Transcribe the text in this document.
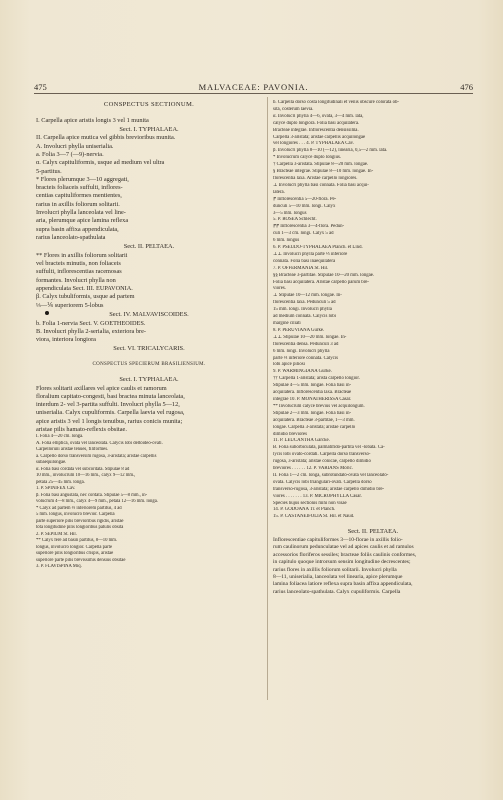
475	MALVACEAE: PAVONIA.	476

CONSPECTUS SECTIONUM.

I. Carpella apice aristis longis 3 vel 1 munita

Sect. I. TYPHALAEA.

II. Carpella apice mutica vel gibbis brevioribus munita.

A. Involucri phylla uniserialia.

a. Folia 3—7 (—9)-nervia.

α. Calyx capituliformis, usque ad medium vel ultra

5-partitus.

* Flores plerumque 3—10 aggregati,

bracteis foliaceis suffulti, inflores-

centias capituliformes mentientes,

rarius in axillis foliorum solitarii.

Involucri phylla lanceolata vel line-

aria, plerumque apice lamina reflexa

supra basin affixa appendiculata,

rarius lanceolato-spathulata

Sect. II. PELTAEA.

** Flores in axillis foliorum solitarii

vel bracteis minutis, non foliaceis

suffulti, inflorescentias racemosas

formantes. Involucri phylla non

appendiculata Sect. III. EUPAVONIA.

β. Calyx tubuliformis, usque ad partem

⅓—⅙ superiorem 5-lobus

Sect. IV. MALVAVISCOIDES.

b. Folia 1-nervia Sect. V. GOETHEOIDES.

B. Involucri phylla 2-serialia, exteriora bre-

viora, interiora longiora

Sect. VI. TRICALYCARIS.

CONSPECTUS SPECIERUM BRASILIENSIUM.

Sect. I. TYPHALAEA.

Flores solitarii axillares vel apice caulis et ramorum

floralium capitato-congesti, basi bractea minuta lanceolata,

interdum 2- vel 3-partita suffulti. Involucri phylla 5—12,

uniserialia. Calyx cupuliformis. Carpella laevia vel rugosa,

apice aristis 3 vel 1 longis tenuibus, rarius conicis munita;

aristae pilis hamato-reflexis obsitae.

I. Folia 4—20 cm. longa.

A. Folia elliptica, ovata vel lanceolata. Calycis lobi deltoideo-ovati.

Carpelloruni aristae tenues, filiformes.

a. Carpello dorso transversim rugosa, 3-aristata; aristae carpellis

subaequilongae.

α. Folia basi cordata vel subcordata. Stipulae 8 ad

10 mm., involucrum 10—16 mm., calyx 9—12 mm.,

petala 25—45 mm. longa.

1. P. SPINIFEX Cav.

β. Folia basi angustata, nec cordata. Stipulae 5—8 mm., in-

volucrum 4—8 mm., calyx 4—9 mm., petala 12—16 mm. longa.

* Calyx ad partem ⅓ inferiorem partitus, 4 ad

5 mm. longus, involucro brevior. Carpella

parte superiore pilis brevioribus rigidis, aristae

tota longitudine pilis longioribus patulis obsita

2. P. SEPIUM St. Hil.

** Calyx fere ad basin partitus, 8—10 mm.

longus, involucro longior. Carpella parte

superiore pilis longioribus crispis, aristae

superiore parte pilis brevissimis densius obsitae

3. P. FLAVISPINA Miq.

b. Carpella dorso costa longitudinali et venis obscure colorata ob-

sita, costerum laevia.

α. Involucri phylla 4—6, ovata, 3—4 mm. lata,

calyce duplo longiora. Folia basi acquilatera.

Bracteae integrae. Inflorescentia densissima.

Carpella 3-aristata; aristae carpellis acquilongae

vel longiores . . . 4. P. TYPHALAEA Cav.

β. Involucri phylla 8—10 (—12), linearia, 0,5—2 mm. lata.

* Involucrum calyce duplo longius.

† Carpella 3-aristata. Stipulae 8—20 mm. longae.

§ Bracteae integrae. Stipulae 8—10 mm. longae. In-

florescentia laxa. Aristae carpello longiores.

⊥ Involucri phylla basi connata. Folia basi acqui-

latera.

⁋ Inflorescentia 5—20-flora. Pe-

dunculi 5—10 mm. longi. Calyx

3—5 mm. longus

5. P. ROSEA Schlecht.

⁋⁋ Inflorescentia 3—4-flora. Pedun-

culi 1—3 cm. longi. Calyx 5 ad

6 mm. longus

6. P. PSEUDO-TYPHALAEA Planch. et Lind.

⊥⊥ Involucri phylla parte ⅓ inferiore

connata. Folia basi inaequilatera

7. P. OFFERMANIA St. Hil.

§§ Bracteae 3-partitae. Stipulae 10—20 mm. longae.

Folia basi acquilatera. Aristae carpello parum bre-

viores.

⊥ Stipulae 10—12 mm. longae. In-

florescentia laxa. Pedunculi 5 ad

15 mm. longi. Involucri phylla

ad medium connata. Calycis lobi

margine ciliati

8. P. PERUVIANA Gürke.

⊥⊥ Stipulae 10—20 mm. longae. In-

florescentia densa. Pedunculi 3 ad

6 mm. longi. Involucri phylla

parte ⅓ inferiore connata. Calycis

lobi apice piliosi

9. P. WARMINGIANA Gürke.

†† Carpella 1-aristata; arista carpello longior.

Stipulae 4—5 mm. longae. Folia basi in-

acquilatera. Inflorescentia laxa. Bracteae

integrae 10. P. MONATHERISSA Casar.

** Involucrum calyce brevius vel acquilongum.

Stipulae 2—3 mm. longae. Folia basi in-

acquilatera. Bracteae 3-partitae, 1—3 mm.

longae. Carpella 3-aristata; aristae carpello

dimidio breviores

11. P. LEUCANTHA Garcke.

B. Folia suborbiculata, palmatifido-partita vel -lobata. Ca-

lycis lobi ovato-cordati. Carpella dorso transverso-

rugosa, 3-aristata; aristae conicae, carpello dimidio

breviores . . . . . . 12. P. VARIANS Moric.

II. Folia 1—2 cm. longa, subrotundato-ovata vel lanceolato-

ovata. Calycis lobi triangulari-ovati. Carpella dorso

transverso-rugosa, 3-aristata; aristae carpello dimidio bre-

viores . . . . . . . 13. P. MICROPHYLLA Casar.

Species hujus sectionis mihi non visae

14. P. GODOANA Tr. et Planch.

15. P. CASTANEIFOLIA St. Hil. et Naud.

Sect. II. PELTAEA.

Inflorescentiae capituliformes 3—10-florae in axillis folio-

rum caulinorum pedunculatae vel ad apices caulis et ad ramulos

accessorios floriferos sessiles; bracteae foliis caulinis conformes,

in capitulo quoque introrsum sensim longitudine decrescentes;

rarius flores in axillis foliorum solitarii. Involucri phylla

8—11, uniserialia, lanceolata vel linearia, apice plerumque

lamina foliacea latiore reflexa supra basin affixa appendiculata,

rarius lanceolato-spathulata. Calyx cupuliformis. Carpella
